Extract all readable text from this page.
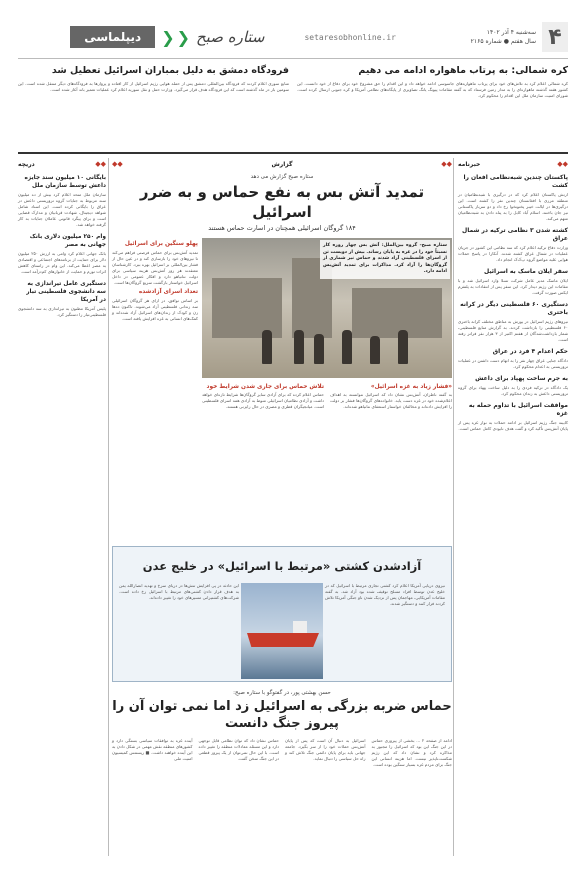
۴
سه‌شنبه ۴ آذر ۱۴۰۲
سال هفتم ● شماره ۲۱۶۵
setaresobhonline.ir
ستاره صبح
❮
❮
دیپلماسی
کره شمالی: به پرتاب ماهواره ادامه می دهیم

کره شمالی اعلام کرد به تلاش‌های خود برای پرتاب ماهواره‌های جاسوسی ادامه خواهد داد و این اقدام را حق مشروع خود برای دفاع از خود دانست. این کشور هفته گذشته ماهواره‌ای را به مدار زمین فرستاد که به گفته مقامات پیونگ یانگ تصاویری از پایگاه‌های نظامی آمریکا و کره جنوبی ارسال کرده است. شورای امنیت سازمان ملل این اقدام را محکوم کرد.

فرودگاه دمشق به دلیل بمباران اسرائیل تعطیل شد

منابع سوری اعلام کردند که فرودگاه بین‌المللی دمشق پس از حمله هوایی رژیم اسرائیل از کار افتاده و پروازها به فرودگاه‌های دیگر منتقل شده است. این سومین بار در ماه گذشته است که این فرودگاه هدف قرار می‌گیرد. وزارت حمل و نقل سوریه اعلام کرد عملیات تعمیر باند آغاز شده است.

◆◆
خبرنامه
پاکستان چندین شبه‌نظامی افغان را کشت

ارتش پاکستان اعلام کرد که در درگیری با شبه‌نظامیان در منطقه مرزی با افغانستان چندین نفر را کشته است. این درگیری‌ها در ایالت خیبر پختونخوا رخ داد و دو سرباز پاکستانی نیز جان باختند. اسلام آباد کابل را به پناه دادن به شبه‌نظامیان متهم می‌کند.

کشته شدن ۳ نظامی ترکیه در شمال عراق

وزارت دفاع ترکیه اعلام کرد که سه نظامی این کشور در جریان عملیات در شمال عراق کشته شدند. آنکارا در پاسخ حملات هوایی علیه مواضع گروه پ‌ک‌ک انجام داد.

سفر ایلان ماسک به اسرائیل

ایلان ماسک مدیر عامل شرکت تسلا وارد اسرائیل شد و با مقامات این رژیم دیدار کرد. این سفر پس از انتقادات به پلتفرم ایکس صورت گرفت.

دستگیری ۶۰ فلسطینی دیگر در کرانه باختری

نیروهای رژیم اسرائیل در یورش به مناطق مختلف کرانه باختری ۶۰ فلسطینی را بازداشت کردند. به گزارش منابع فلسطینی، شمار بازداشت‌شدگان از هفتم اکتبر از ۳ هزار نفر فراتر رفته است.

حکم اعدام ۴ فرد در عراق

دادگاه جنایی عراق چهار نفر را به اتهام دست داشتن در عملیات تروریستی به اعدام محکوم کرد.

به جرم ساخت پهپاد برای داعش

یک دادگاه در ترکیه فردی را به دلیل ساخت پهپاد برای گروه تروریستی داعش به زندان محکوم کرد.

موافقت اسرائیل با تداوم حمله به غزه

کابینه جنگ رژیم اسرائیل بر ادامه حملات به نوار غزه پس از پایان آتش‌بس تأکید کرد و گفت هدف نابودی کامل حماس است.

◆◆
دریچه
بایگانی ۱۰ میلیون سند جایزه داعش توسط سازمان ملل

سازمان ملل متحد اعلام کرد بیش از ده میلیون سند مربوط به جنایات گروه تروریستی داعش در عراق را بایگانی کرده است. این اسناد شامل شواهد دیجیتال، شهادت قربانیان و مدارک قضایی است و برای پیگرد قانونی عاملان جنایات به کار گرفته خواهد شد.

وام ۲۵۰ میلیون دلاری بانک جهانی به مصر

بانک جهانی اعلام کرد وامی به ارزش ۲۵۰ میلیون دلار برای حمایت از برنامه‌های اجتماعی و اقتصادی به مصر اعطا می‌کند. این وام در راستای کاهش اثرات تورم و حمایت از خانوارهای کم‌درآمد است.

دستگیری عامل تیراندازی به سه دانشجوی فلسطینی تبار در آمریکا

پلیس آمریکا مظنون به تیراندازی به سه دانشجوی فلسطینی‌تبار را دستگیر کرد.

◆◆
گزارش
◆◆
ستاره صبح گزارش می دهد
تمدید آتش بس به نفع حماس و به ضرر اسرائیل
۱۸۴ گروگان اسرائیلی همچنان در اسارت حماس هستند

ستاره صبح- گروه بین‌الملل: آتش بس چهار روزه کار نسبتاً خود را در غزه به پایان رساند. بیش از دویست تن از اسرای فلسطینی آزاد شدند و حماس نیز شماری از گروگان‌ها را آزاد کرد. مذاکرات برای تمدید آتش‌بس ادامه دارد.

پهلو سنگین برای اسرائیل

تمدید آتش‌بس برای حماس فرصتی فراهم می‌کند تا نیروهای خود را بازسازی کند و در عین حال از فشار بین‌المللی بر اسرائیل بهره ببرد. کارشناسان معتقدند هر روز آتش‌بس هزینه سیاسی برای دولت نتانیاهو دارد و افکار عمومی در داخل اسرائیل خواستار بازگشت سریع گروگان‌ها است.

تعداد اسرای آزادشده

بر اساس توافق، در ازای هر گروگان اسرائیلی سه زندانی فلسطینی آزاد می‌شوند. تاکنون ده‌ها زن و کودک از زندان‌های اسرائیل آزاد شده‌اند و کمک‌های انسانی به غزه افزایش یافته است.

«فشار زیاد به غزه اسرائیل»

به گفته ناظران، آتش‌بس نشان داد که اسرائیل نتوانسته به اهداف اعلام‌شده خود در غزه دست یابد. خانواده‌های گروگان‌ها فشار بر دولت را افزایش داده‌اند و مخالفان خواستار استعفای نتانیاهو شده‌اند.

تلاش حماس برای جاری شدن شرایط خود

حماس اعلام کرده که برای آزادی سایر گروگان‌ها شرایط تازه‌ای خواهد داشت و آزادی نظامیان اسرائیلی منوط به آزادی همه اسرای فلسطینی است. میانجیگران قطری و مصری در حال رایزنی هستند.

آزادشدن کشتی «مرتبط با اسرائیل» در خلیج عدن

نیروی دریایی آمریکا اعلام کرد کشتی تجاری مرتبط با اسرائیل که در خلیج عدن توسط افراد مسلح توقیف شده بود آزاد شد. به گفته مقامات آمریکایی، مهاجمان پس از نزدیک شدن ناو جنگی آمریکا تلاش کردند فرار کنند و دستگیر شدند.

این حادثه در پی افزایش تنش‌ها در دریای سرخ و تهدید انصارالله یمن به هدف قرار دادن کشتی‌های مرتبط با اسرائیل رخ داده است. شرکت‌های کشتیرانی مسیرهای خود را تغییر داده‌اند.

حسن بهشتی پور، در گفتوگو با ستاره صبح:
حماس ضربه بزرگی به اسرائیل زد اما نمی توان آن را پیروز جنگ دانست

ادامه از صفحه ۲ ... بخشی از پیروزی حماس در این جنگ این بود که اسرائیل را مجبور به مذاکره کرد و نشان داد که این رژیم شکست‌ناپذیر نیست. اما هزینه انسانی این جنگ برای مردم غزه بسیار سنگین بوده است.

اسرائیل به دنبال آن است که پس از پایان آتش‌بس حملات خود را از سر بگیرد. جامعه جهانی باید برای پایان دائمی جنگ تلاش کند و راه حل سیاسی را دنبال نماید.

حماس نشان داد که توان نظامی قابل توجهی دارد و این مسئله معادلات منطقه را تغییر داده است. با این حال نمی‌توان از یک پیروز قطعی در این جنگ سخن گفت.

آینده غزه به توافقات سیاسی بستگی دارد و کشورهای منطقه نقش مهمی در شکل دادن به این آینده خواهند داشت. ■ ریسمس کمیسیون امنیت ملی
